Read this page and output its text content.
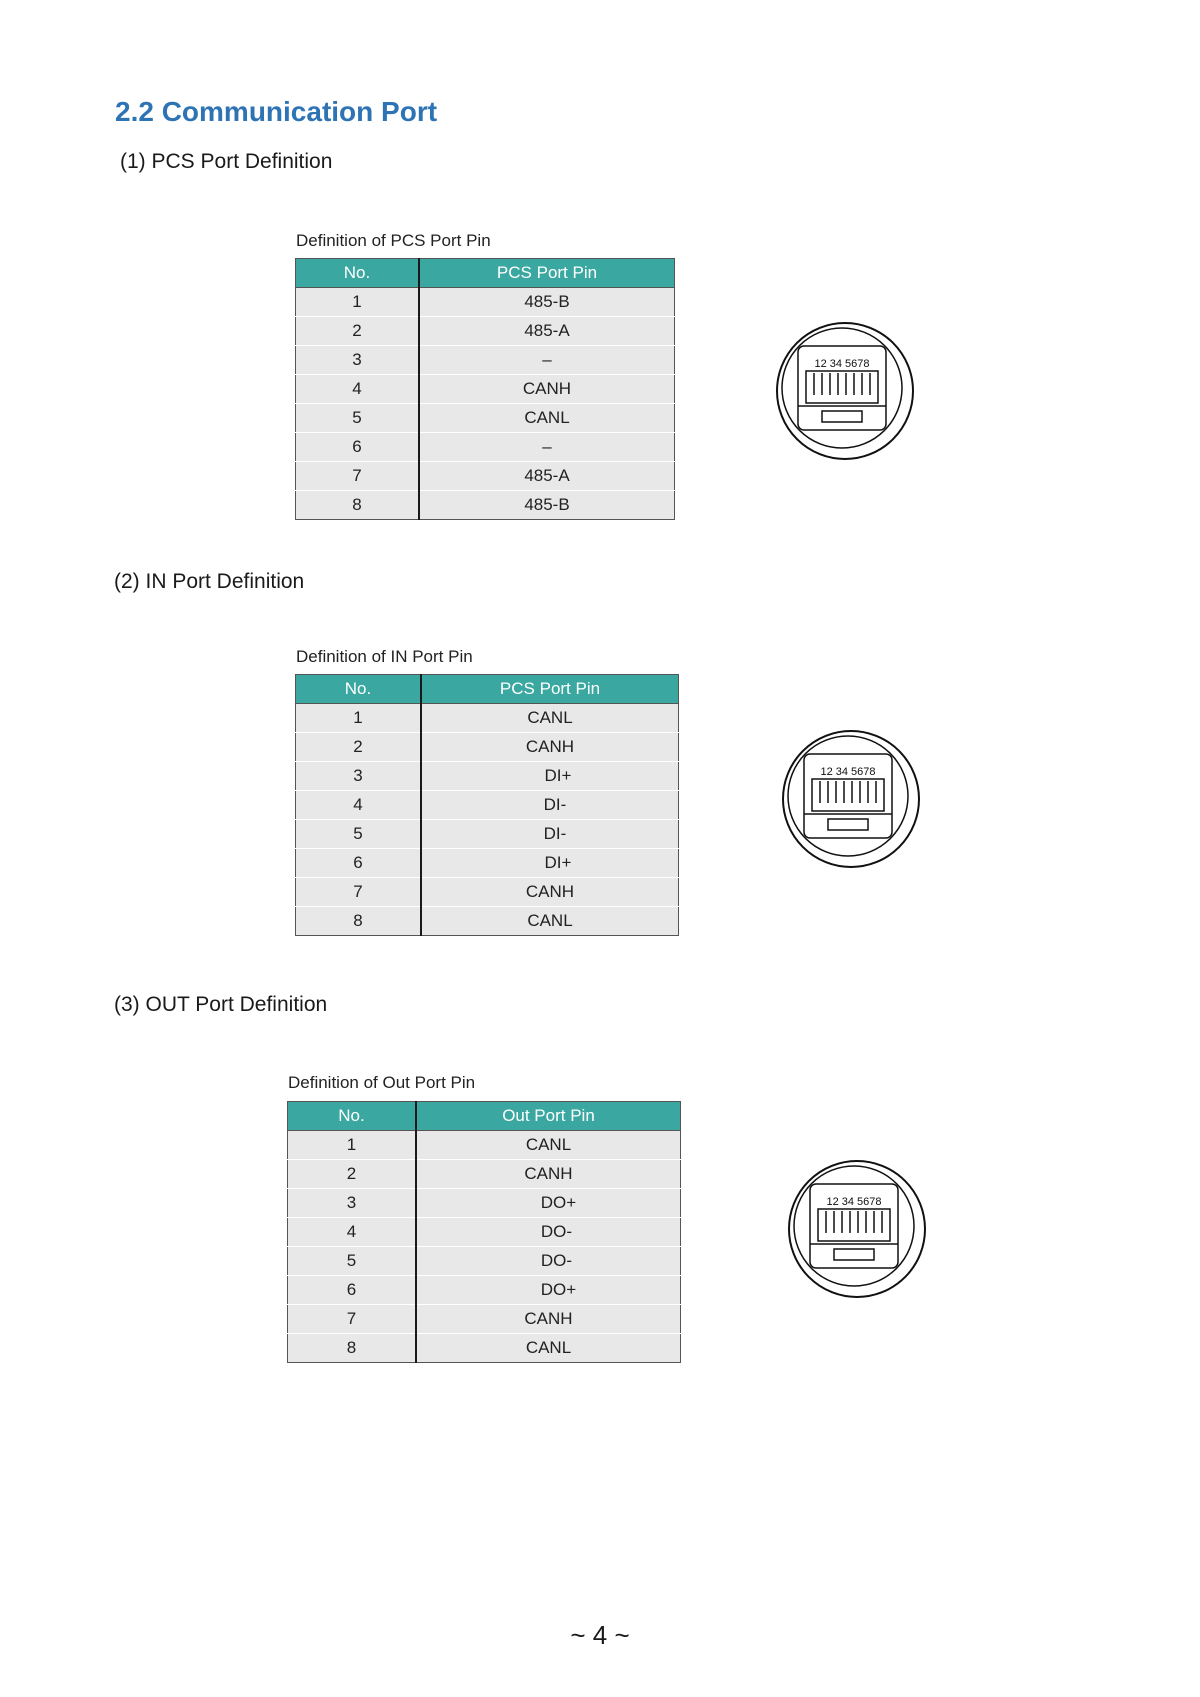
2.2 Communication Port
(1) PCS Port Definition
Definition of PCS Port Pin
No.	PCS Port Pin
1	485-B
2	485-A
3	–
4	CANH
5	CANL
6	–
7	485-A
8	485-B
12 34 5678
(2) IN Port Definition
Definition of IN Port Pin
No.	PCS Port Pin
1	CANL
2	CANH
3	DI+
4	DI-
5	DI-
6	DI+
7	CANH
8	CANL
12 34 5678
(3) OUT Port Definition
Definition of Out Port Pin
No.	Out Port Pin
1	CANL
2	CANH
3	DO+
4	DO-
5	DO-
6	DO+
7	CANH
8	CANL
12 34 5678
~ 4 ~
